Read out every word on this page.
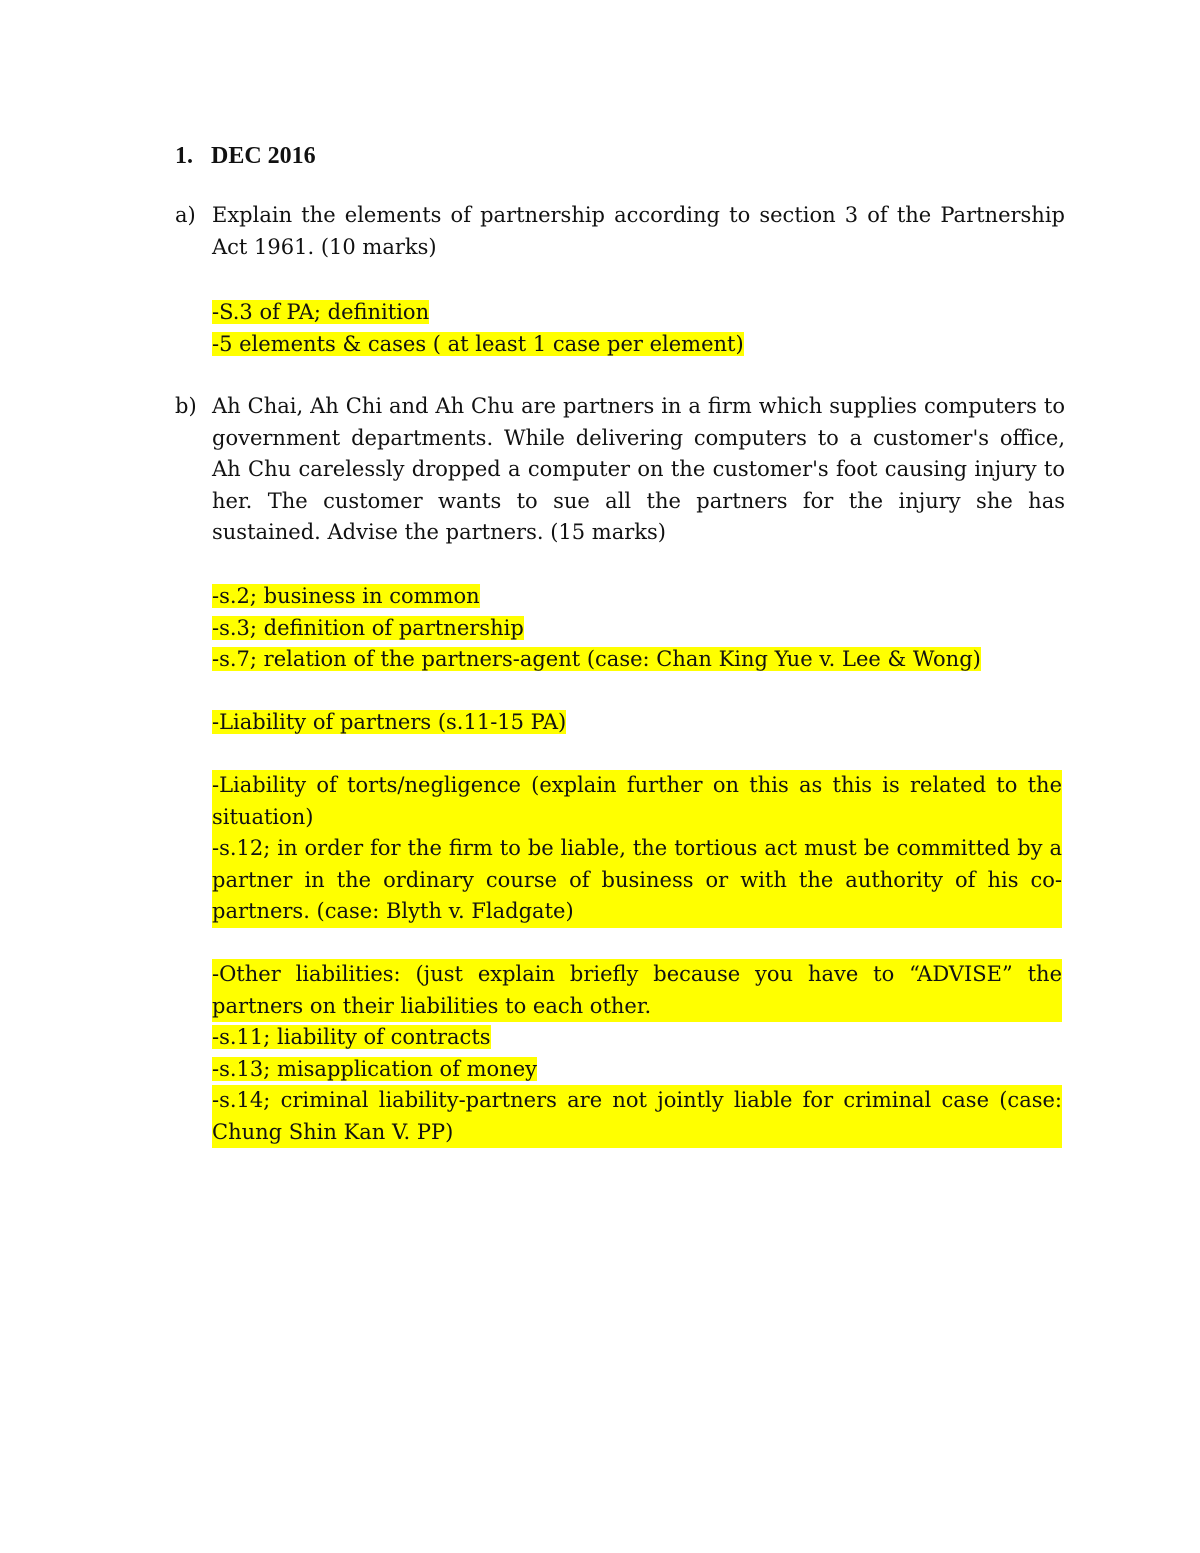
1. DEC 2016
a) Explain the elements of partnership according to section 3 of the Partnership Act 1961. (10 marks)
-S.3 of PA; definition
-5 elements & cases ( at least 1 case per element)
b) Ah Chai, Ah Chi and Ah Chu are partners in a firm which supplies computers to government departments. While delivering computers to a customer's office, Ah Chu carelessly dropped a computer on the customer's foot causing injury to her. The customer wants to sue all the partners for the injury she has sustained. Advise the partners. (15 marks)
-s.2; business in common
-s.3; definition of partnership
-s.7; relation of the partners-agent (case: Chan King Yue v. Lee & Wong)
-Liability of partners (s.11-15 PA)
-Liability of torts/negligence (explain further on this as this is related to the situation)
-s.12; in order for the firm to be liable, the tortious act must be committed by a partner in the ordinary course of business or with the authority of his co-partners. (case: Blyth v. Fladgate)
-Other liabilities: (just explain briefly because you have to “ADVISE” the partners on their liabilities to each other.
-s.11; liability of contracts
-s.13; misapplication of money
-s.14; criminal liability-partners are not jointly liable for criminal case (case: Chung Shin Kan V. PP)
